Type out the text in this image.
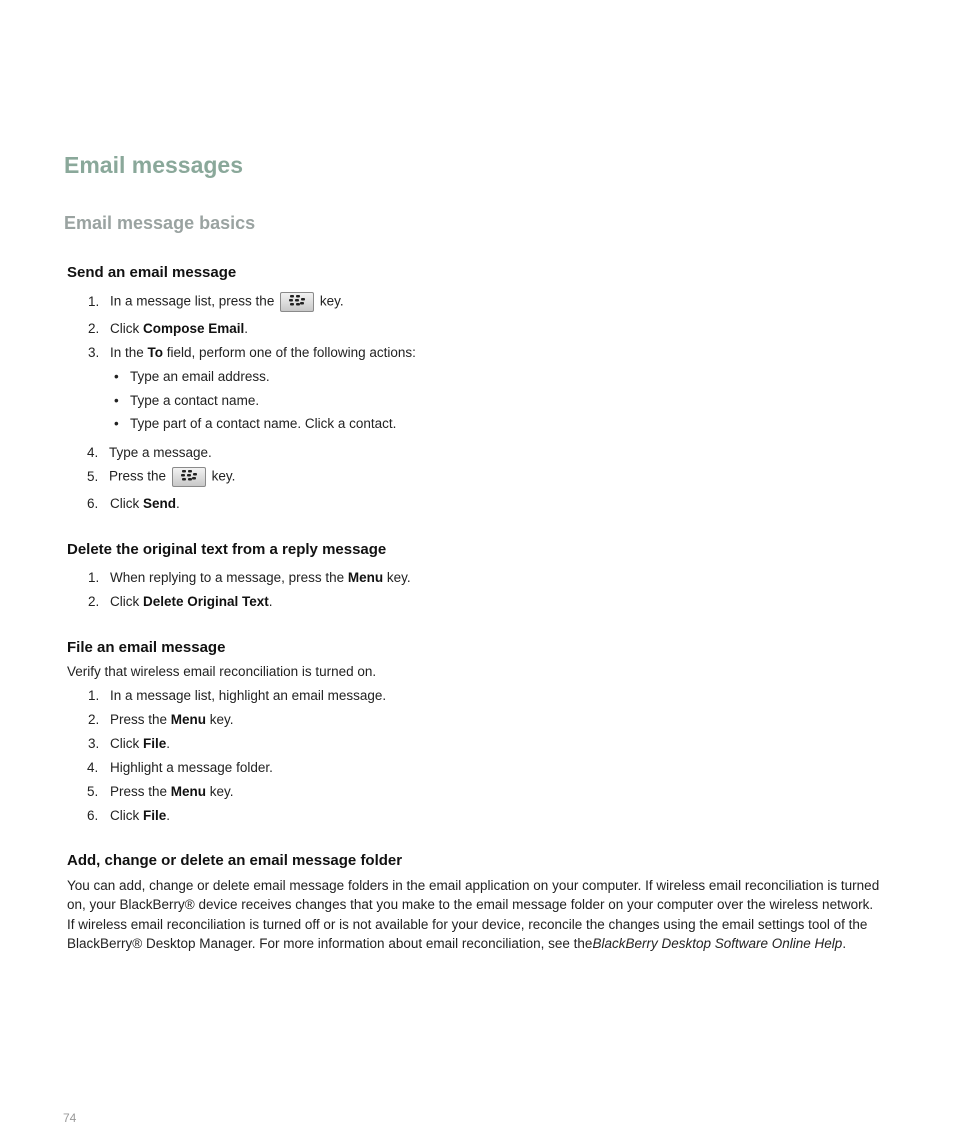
Email messages
Email message basics
Send an email message
1. In a message list, press the	key.
2. Click Compose Email.
3. In the To field, perform one of the following actions:
• Type an email address.
• Type a contact name.
• Type part of a contact name. Click a contact.
4. Type a message.
5. Press the	key.
6. Click Send.
Delete the original text from a reply message
1. When replying to a message, press the Menu key.
2. Click Delete Original Text.
File an email message
Verify that wireless email reconciliation is turned on.
1. In a message list, highlight an email message.
2. Press the Menu key.
3. Click File.
4. Highlight a message folder.
5. Press the Menu key.
6. Click File.
Add, change or delete an email message folder
You can add, change or delete email message folders in the email application on your computer. If wireless email reconciliation is turned on, your BlackBerry® device receives changes that you make to the email message folder on your computer over the wireless network.
If wireless email reconciliation is turned off or is not available for your device, reconcile the changes using the email settings tool of the BlackBerry® Desktop Manager. For more information about email reconciliation, see theBlackBerry Desktop Software Online Help.
74
